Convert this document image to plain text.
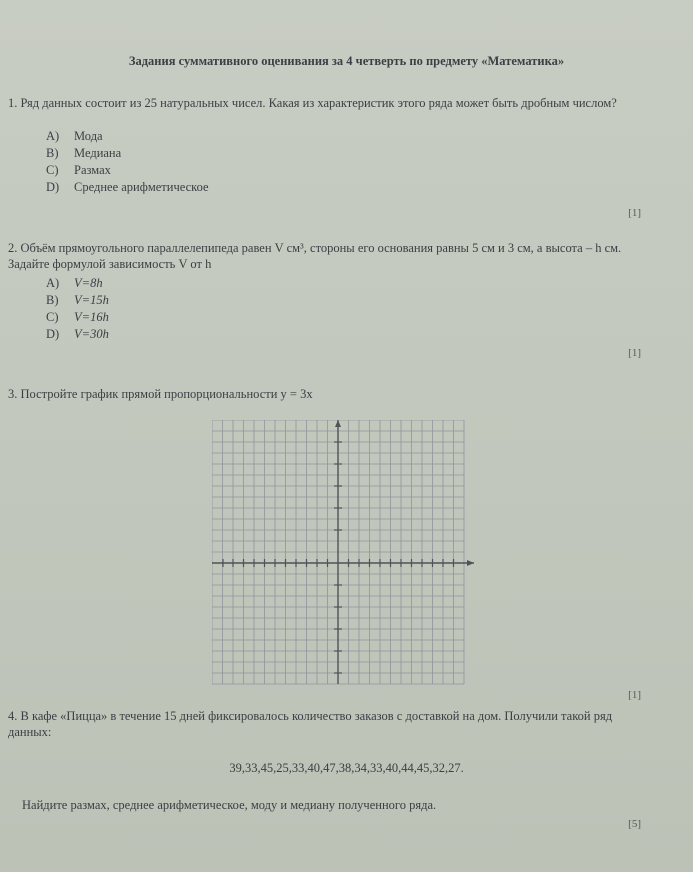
Задания суммативного оценивания за 4 четверть по предмету «Математика»
1. Ряд данных состоит из 25 натуральных чисел. Какая из характеристик этого ряда может быть дробным числом?
A)	Мода
B)	Медиана
C)	Размах
D)	Среднее арифметическое
[1]
2. Объём прямоугольного параллелепипеда равен V см³, стороны его основания равны 5 см и 3 см, а высота – h см. Задайте формулой зависимость V от h
A)	V=8h
B)	V=15h
C)	V=16h
D)	V=30h
[1]
3. Постройте график прямой пропорциональности y = 3x
[1]
4. В кафе «Пицца» в течение 15 дней фиксировалось количество заказов с доставкой на дом. Получили такой ряд данных:
39,33,45,25,33,40,47,38,34,33,40,44,45,32,27.
Найдите размах, среднее арифметическое, моду и медиану полученного ряда.
[5]
